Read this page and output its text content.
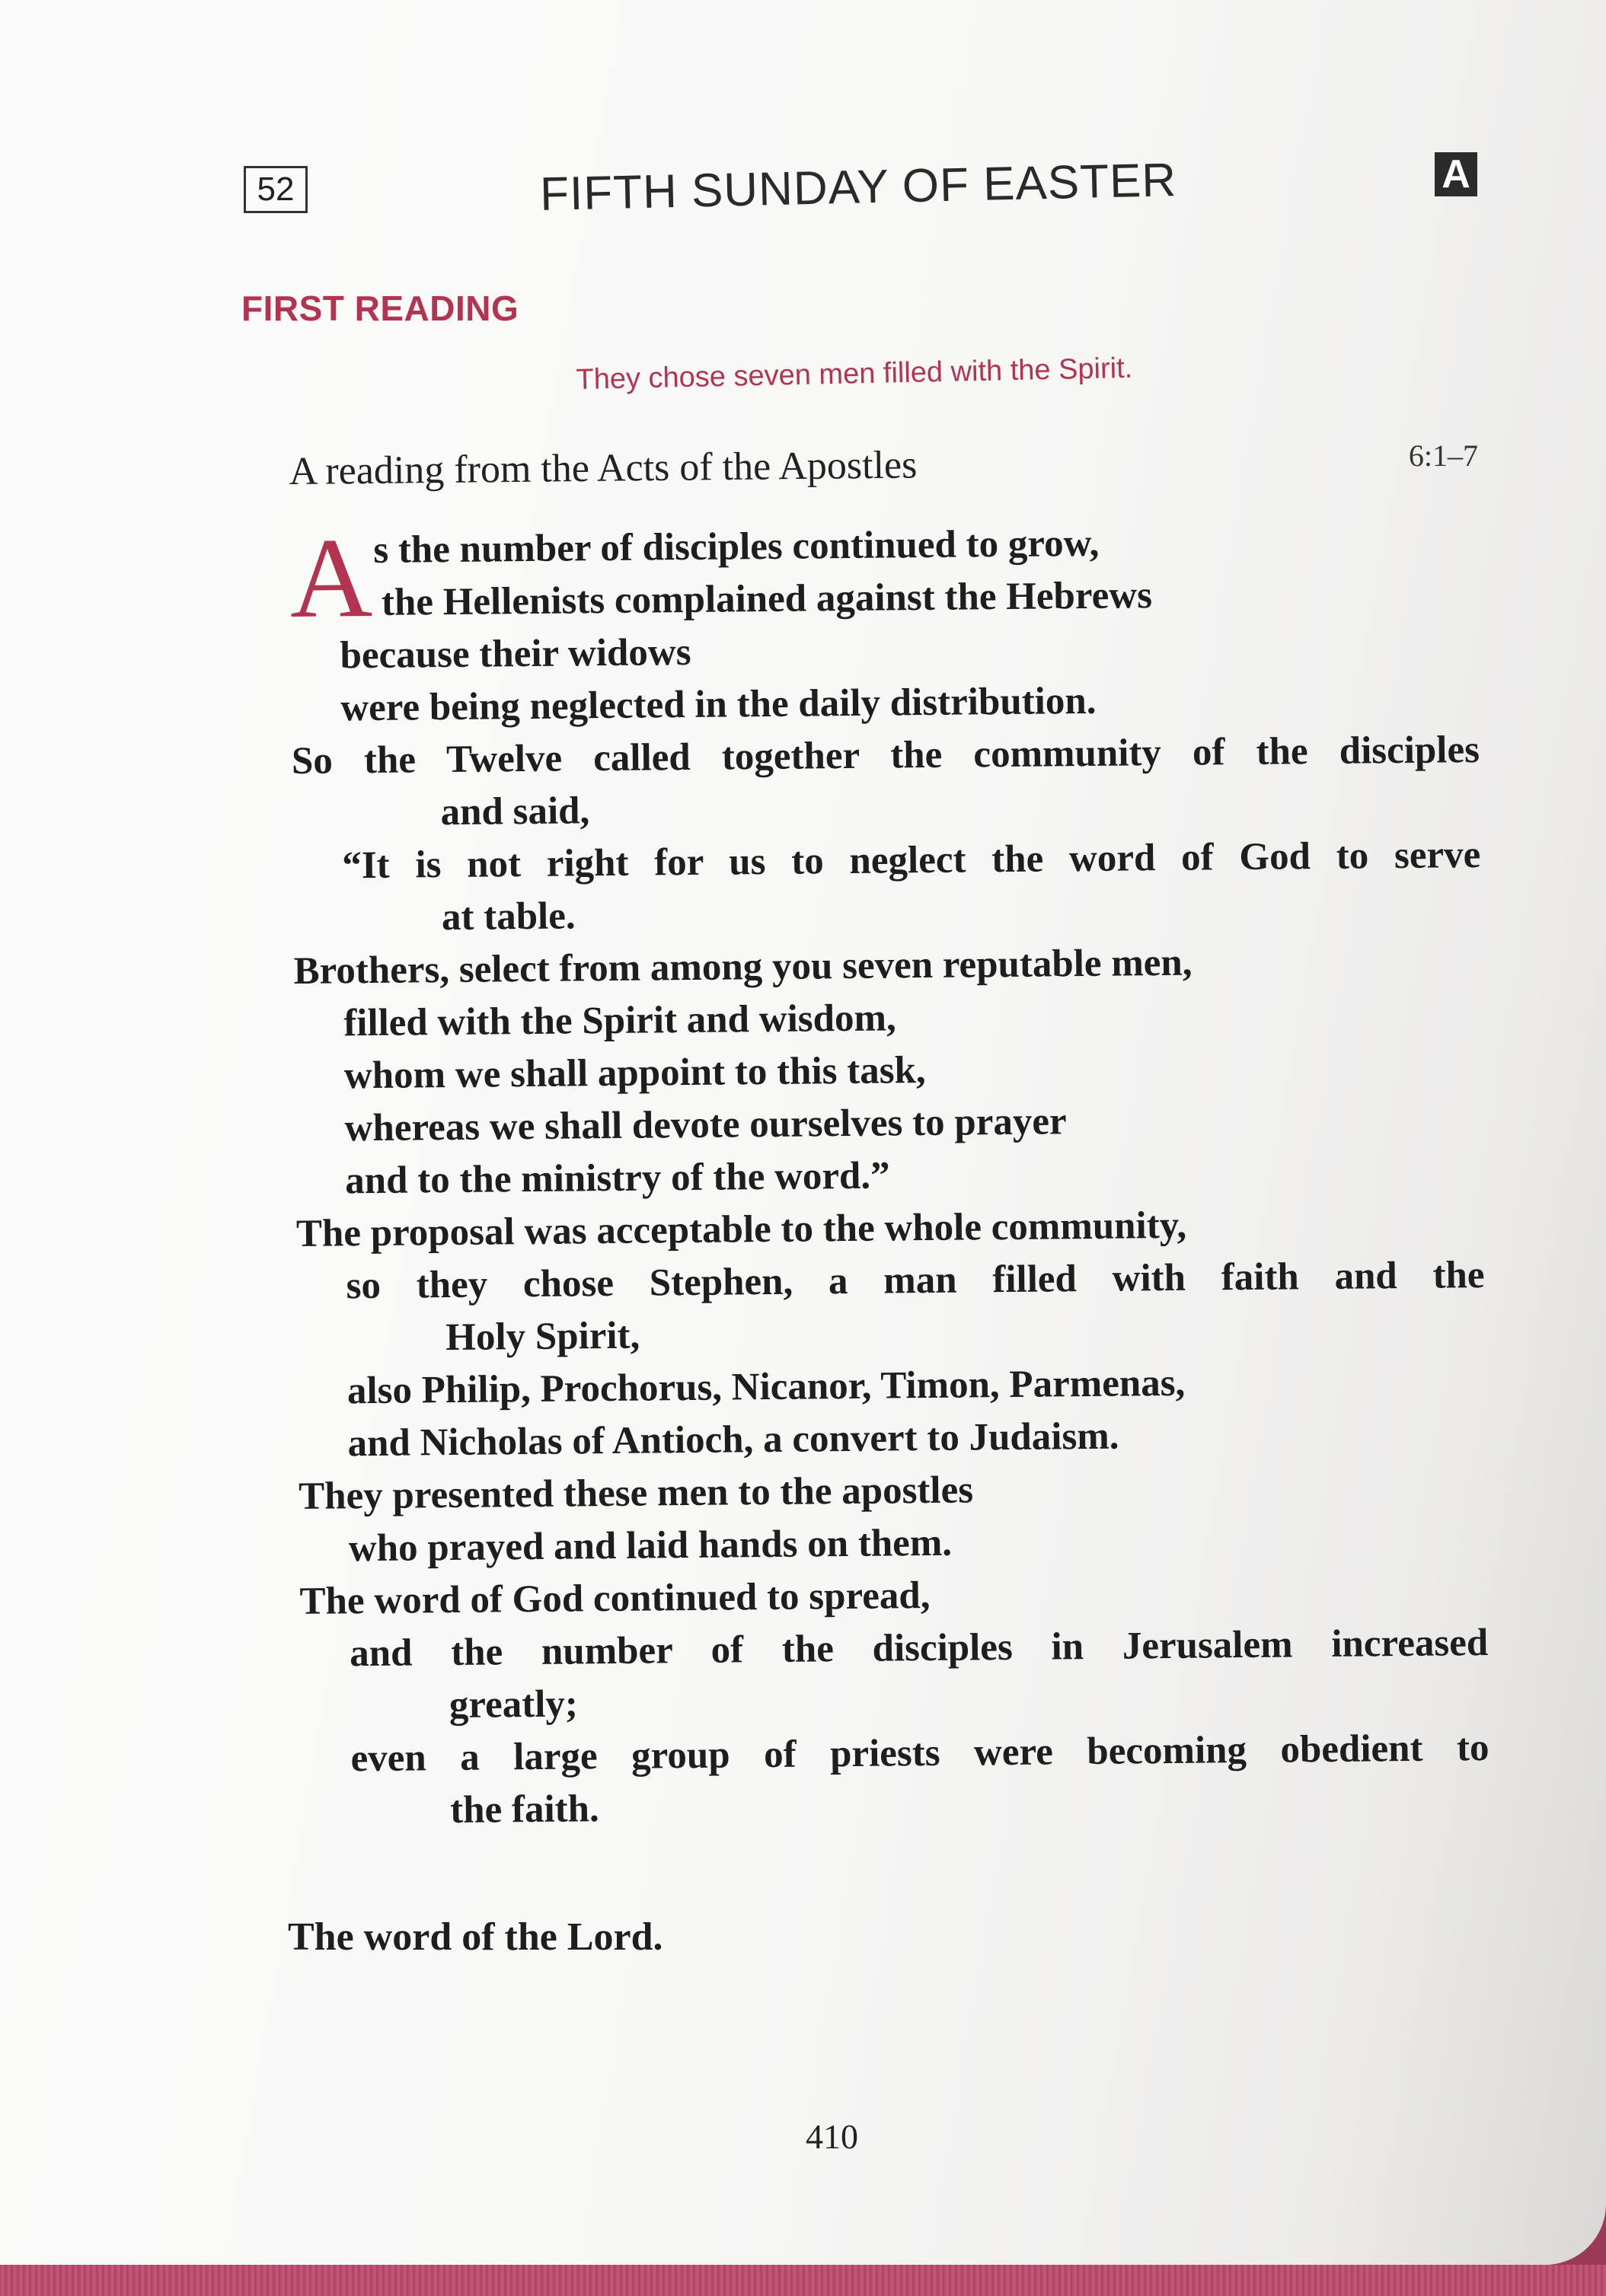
52	FIFTH SUNDAY OF EASTER	A
FIRST READING
They chose seven men filled with the Spirit.
6:1–7
A reading from the Acts of the Apostles
A s the number of disciples continued to grow,
the Hellenists complained against the Hebrews
because their widows
were being neglected in the daily distribution.
So the Twelve called together the community of the disciples
and said,
“It is not right for us to neglect the word of God to serve
at table.
Brothers, select from among you seven reputable men,
filled with the Spirit and wisdom,
whom we shall appoint to this task,
whereas we shall devote ourselves to prayer
and to the ministry of the word.”
The proposal was acceptable to the whole community,
so they chose Stephen, a man filled with faith and the
Holy Spirit,
also Philip, Prochorus, Nicanor, Timon, Parmenas,
and Nicholas of Antioch, a convert to Judaism.
They presented these men to the apostles
who prayed and laid hands on them.
The word of God continued to spread,
and the number of the disciples in Jerusalem increased
greatly;
even a large group of priests were becoming obedient to
the faith.
The word of the Lord.
410
